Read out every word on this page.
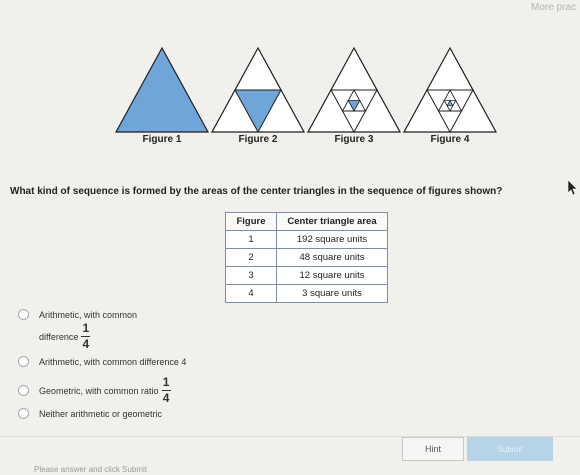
More prac
Figure 1	Figure 2	Figure 3	Figure 4
What kind of sequence is formed by the areas of the center triangles in the sequence of figures shown?
Figure	Center triangle area
1	192 square units
2	48 square units
3	12 square units
4	3 square units
Arithmetic, with common
difference $\frac{1}{4}$
Arithmetic, with common difference 4
Geometric, with common ratio $\frac{1}{4}$
Neither arithmetic or geometric
Hint	Submit
Please answer and click Submit
